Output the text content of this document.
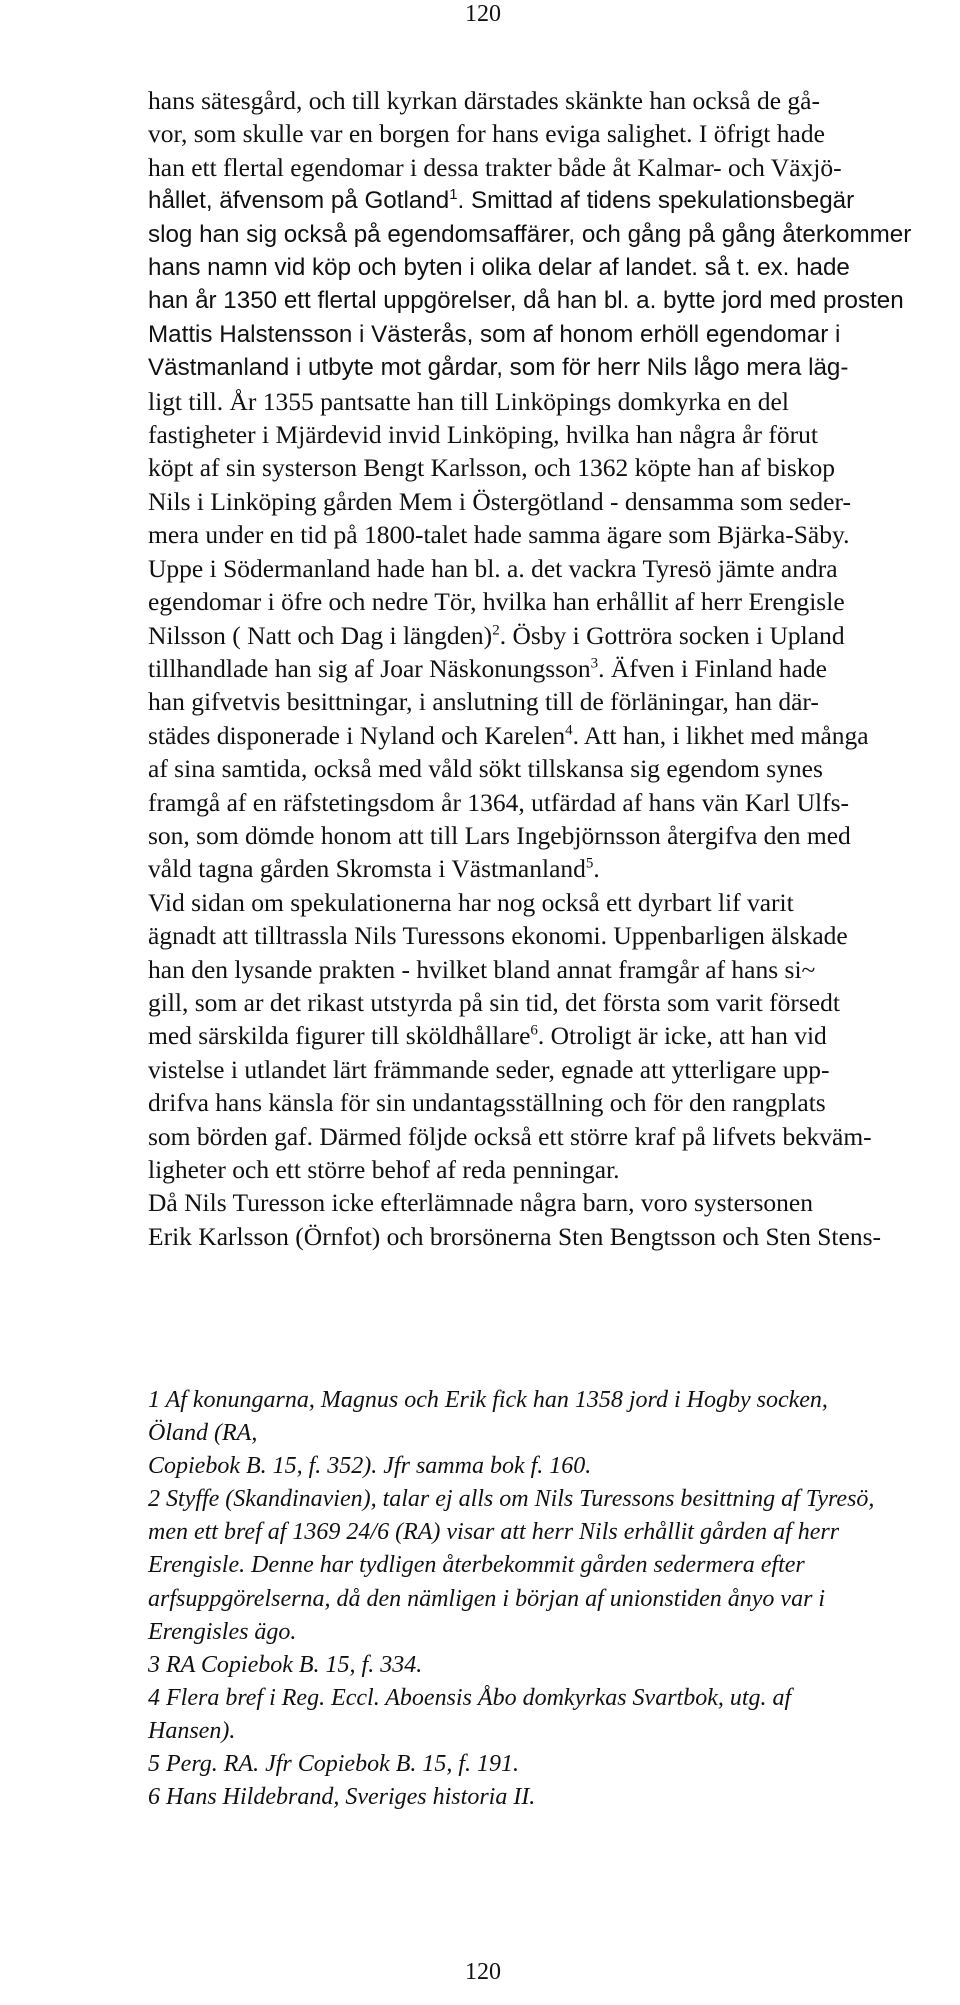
120
hans sätesgård, och till kyrkan därstades skänkte han också de gå-
vor, som skulle var en borgen for hans eviga salighet. I öfrigt hade
han ett flertal egendomar i dessa trakter både åt Kalmar- och Växjö-
hållet, äfvensom på Gotland$^1$. Smittad af tidens spekulationsbegär
slog han sig också på egendomsaffärer, och gång på gång återkommer
hans namn vid köp och byten i olika delar af landet. så t. ex. hade
han år 1350 ett flertal uppgörelser, då han bl. a. bytte jord med prosten
Mattis Halstensson i Västerås, som af honom erhöll egendomar i
Västmanland i utbyte mot gårdar, som för herr Nils lågo mera läg-
ligt till. År 1355 pantsatte han till Linköpings domkyrka en del
fastigheter i Mjärdevid invid Linköping, hvilka han några år förut
köpt af sin systerson Bengt Karlsson, och 1362 köpte han af biskop
Nils i Linköping gården Mem i Östergötland - densamma som seder-
mera under en tid på 1800-talet hade samma ägare som Bjärka-Säby.
Uppe i Södermanland hade han bl. a. det vackra Tyresö jämte andra
egendomar i öfre och nedre Tör, hvilka han erhållit af herr Erengisle
Nilsson ( Natt och Dag i längden)$^2$. Ösby i Gottröra socken i Upland
tillhandlade han sig af Joar Näskonungsson$^3$. Äfven i Finland hade
han gifvetvis besittningar, i anslutning till de förläningar, han där-
städes disponerade i Nyland och Karelen$^4$. Att han, i likhet med många
af sina samtida, också med våld sökt tillskansa sig egendom synes
framgå af en räfstetingsdom år 1364, utfärdad af hans vän Karl Ulfs-
son, som dömde honom att till Lars Ingebjörnsson återgifva den med
våld tagna gården Skromsta i Västmanland$^5$.
Vid sidan om spekulationerna har nog också ett dyrbart lif varit
ägnadt att tilltrassla Nils Turessons ekonomi. Uppenbarligen älskade
han den lysande prakten - hvilket bland annat framgår af hans si~
gill, som ar det rikast utstyrda på sin tid, det första som varit försedt
med särskilda figurer till sköldhållare$^6$. Otroligt är icke, att han vid
vistelse i utlandet lärt främmande seder, egnade att ytterligare upp-
drifva hans känsla för sin undantagsställning och för den rangplats
som börden gaf. Därmed följde också ett större kraf på lifvets bekväm-
ligheter och ett större behof af reda penningar.
Då Nils Turesson icke efterlämnade några barn, voro systersonen
Erik Karlsson (Örnfot) och brorsönerna Sten Bengtsson och Sten Stens-
1 Af konungarna, Magnus och Erik fick han 1358 jord i Hogby socken,
Öland (RA,
Copiebok B. 15, f. 352). Jfr samma bok f. 160.
2 Styffe (Skandinavien), talar ej alls om Nils Turessons besittning af Tyresö,
men ett bref af 1369 24/6 (RA) visar att herr Nils erhållit gården af herr
Erengisle. Denne har tydligen återbekommit gården sedermera efter
arfsuppgörelserna, då den nämligen i början af unionstiden ånyo var i
Erengisles ägo.
3 RA Copiebok B. 15, f. 334.
4 Flera bref i Reg. Eccl. Aboensis Åbo domkyrkas Svartbok, utg. af
Hansen).
5 Perg. RA. Jfr Copiebok B. 15, f. 191.
6 Hans Hildebrand, Sveriges historia II.
120
